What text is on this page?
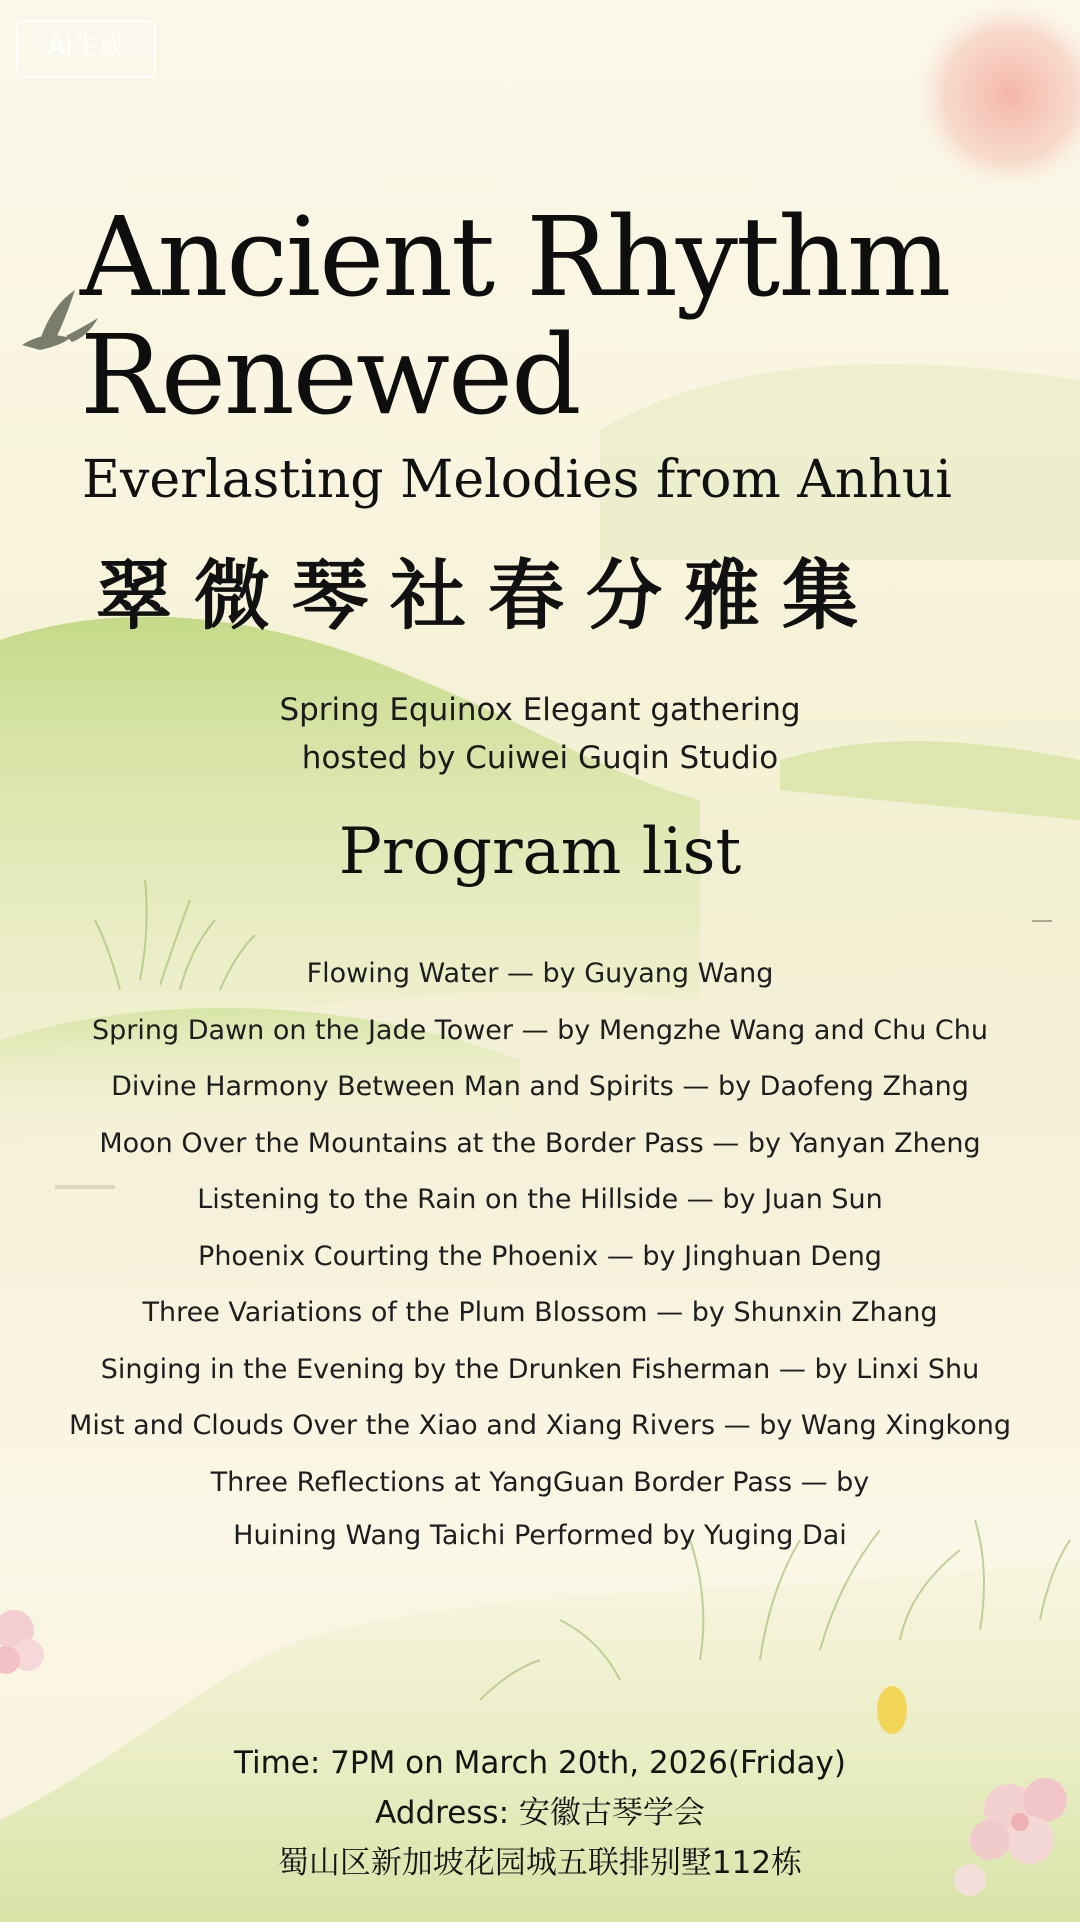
AI生成
Ancient Rhythm
Renewed
Everlasting Melodies from Anhui
翠微琴社春分雅集
Spring Equinox Elegant gathering
hosted by Cuiwei Guqin Studio
Program list
Flowing Water — by Guyang Wang
Spring Dawn on the Jade Tower — by Mengzhe Wang and Chu Chu
Divine Harmony Between Man and Spirits — by Daofeng Zhang
Moon Over the Mountains at the Border Pass — by Yanyan Zheng
Listening to the Rain on the Hillside — by Juan Sun
Phoenix Courting the Phoenix — by Jinghuan Deng
Three Variations of the Plum Blossom — by Shunxin Zhang
Singing in the Evening by the Drunken Fisherman — by Linxi Shu
Mist and Clouds Over the Xiao and Xiang Rivers — by Wang Xingkong
Three Reflections at YangGuan Border Pass — by
Huining Wang Taichi Performed by Yuging Dai
Time: 7PM on March 20th, 2026(Friday)
Address: 安徽古琴学会
蜀山区新加坡花园城五联排别墅112栋
